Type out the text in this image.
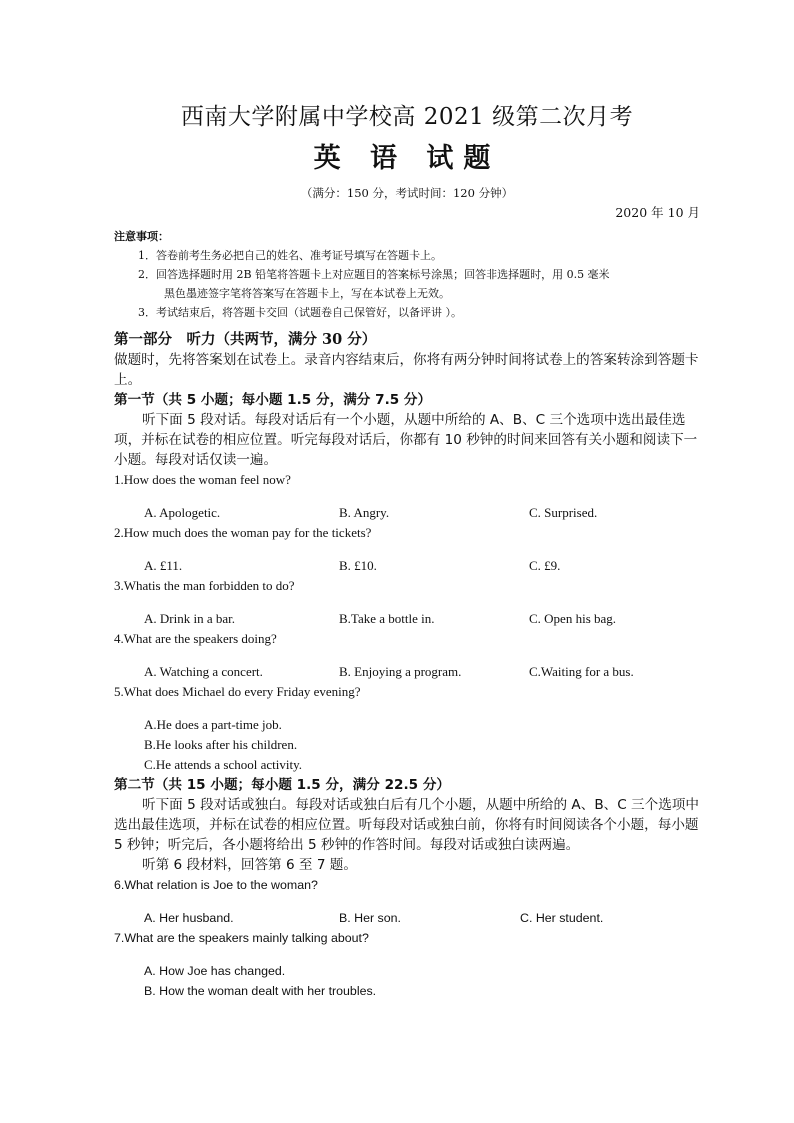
西南大学附属中学校高 2021 级第二次月考
英 语 试题
（满分：150 分，考试时间：120 分钟）
2020 年 10 月
注意事项：
1．答卷前考生务必把自己的姓名、准考证号填写在答题卡上。
2．回答选择题时用 2B 铅笔将答题卡上对应题目的答案标号涂黑；回答非选择题时，用 0.5 毫米
黑色墨迹签字笔将答案写在答题卡上，写在本试卷上无效。
3．考试结束后，将答题卡交回（试题卷自己保管好，以备评讲 ）。
第一部分　听力（共两节，满分 30 分）
做题时，先将答案划在试卷上。录音内容结束后，你将有两分钟时间将试卷上的答案转涂到答题卡上。
第一节（共 5 小题；每小题 1.5 分，满分 7.5 分）
听下面 5 段对话。每段对话后有一个小题，从题中所给的 A、B、C 三个选项中选出最佳选项，并标在试卷的相应位置。听完每段对话后，你都有 10 秒钟的时间来回答有关小题和阅读下一小题。每段对话仅读一遍。
1.How does the woman feel now?
A. Apologetic.	B. Angry.	C. Surprised.
2.How much does the woman pay for the tickets?
A. £11.	B. £10.	C. £9.
3.Whatis the man forbidden to do?
A. Drink in a bar.	B.Take a bottle in.	C. Open his bag.
4.What are the speakers doing?
A. Watching a concert.	B. Enjoying a program.	C.Waiting for a bus.
5.What does Michael do every Friday evening?
A.He does a part-time job.
B.He looks after his children.
C.He attends a school activity.
第二节（共 15 小题；每小题 1.5 分，满分 22.5 分）
听下面 5 段对话或独白。每段对话或独白后有几个小题，从题中所给的 A、B、C 三个选项中选出最佳选项，并标在试卷的相应位置。听每段对话或独白前，你将有时间阅读各个小题，每小题 5 秒钟；听完后，各小题将给出 5 秒钟的作答时间。每段对话或独白读两遍。
听第 6 段材料，回答第 6 至 7 题。
6.What relation is Joe to the woman?
A. Her husband.	B. Her son.	C. Her student.
7.What are the speakers mainly talking about?
A. How Joe has changed.
B. How the woman dealt with her troubles.
